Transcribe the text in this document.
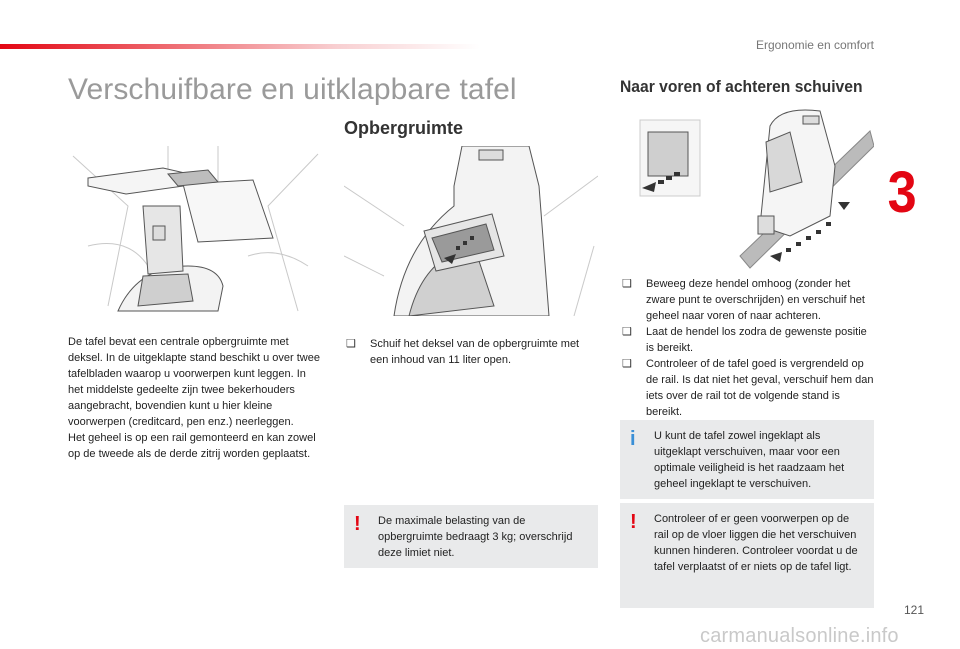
Ergonomie en comfort
3
Verschuifbare en uitklapbare tafel	Naar voren of achteren schuiven
Opbergruimte
De tafel bevat een centrale opbergruimte met deksel. In de uitgeklapte stand beschikt u over twee tafelbladen waarop u voorwerpen kunt leggen. In het middelste gedeelte zijn twee bekerhouders aangebracht, bovendien kunt u hier kleine voorwerpen (creditcard, pen enz.) neerleggen.
Het geheel is op een rail gemonteerd en kan zowel op de tweede als de derde zitrij worden geplaatst.
❑ Schuif het deksel van de opbergruimte met een inhoud van 11 liter open.
! De maximale belasting van de opbergruimte bedraagt 3 kg; overschrijd deze limiet niet.

❑ Beweeg deze hendel omhoog (zonder het zware punt te overschrijden) en verschuif het geheel naar voren of naar achteren.
❑ Laat de hendel los zodra de gewenste positie is bereikt.
❑ Controleer of de tafel goed is vergrendeld op de rail. Is dat niet het geval, verschuif hem dan iets over de rail tot de volgende stand is bereikt.
i U kunt de tafel zowel ingeklapt als uitgeklapt verschuiven, maar voor een optimale veiligheid is het raadzaam het geheel ingeklapt te verschuiven.

! Controleer of er geen voorwerpen op de rail op de vloer liggen die het verschuiven kunnen hinderen. Controleer voordat u de tafel verplaatst of er niets op de tafel ligt.

121
carmanualsonline.info
